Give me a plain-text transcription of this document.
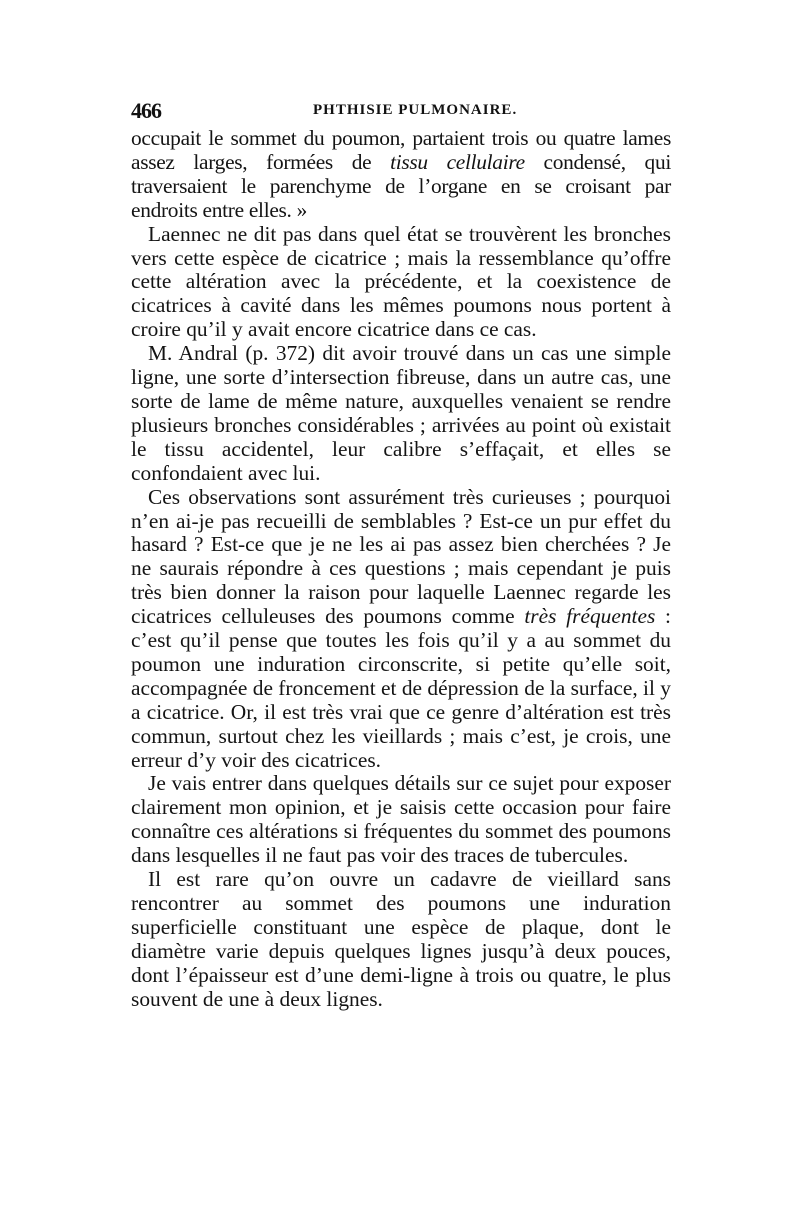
466	PHTHISIE PULMONAIRE.

occupait le sommet du poumon, partaient trois ou quatre lames assez larges, formées de tissu cellulaire condensé, qui traversaient le parenchyme de l’organe en se croisant par endroits entre elles. »

Laennec ne dit pas dans quel état se trouvèrent les bronches vers cette espèce de cicatrice ; mais la ressemblance qu’offre cette altération avec la précédente, et la coexistence de cicatrices à cavité dans les mêmes poumons nous portent à croire qu’il y avait encore cicatrice dans ce cas.

M. Andral (p. 372) dit avoir trouvé dans un cas une simple ligne, une sorte d’intersection fibreuse, dans un autre cas, une sorte de lame de même nature, auxquelles venaient se rendre plusieurs bronches considérables ; arrivées au point où existait le tissu accidentel, leur calibre s’effaçait, et elles se confondaient avec lui.

Ces observations sont assurément très curieuses ; pourquoi n’en ai-je pas recueilli de semblables ? Est-ce un pur effet du hasard ? Est-ce que je ne les ai pas assez bien cherchées ? Je ne saurais répondre à ces questions ; mais cependant je puis très bien donner la raison pour laquelle Laennec regarde les cicatrices celluleuses des poumons comme très fréquentes : c’est qu’il pense que toutes les fois qu’il y a au sommet du poumon une induration circonscrite, si petite qu’elle soit, accompagnée de froncement et de dépression de la surface, il y a cicatrice. Or, il est très vrai que ce genre d’altération est très commun, surtout chez les vieillards ; mais c’est, je crois, une erreur d’y voir des cicatrices.

Je vais entrer dans quelques détails sur ce sujet pour exposer clairement mon opinion, et je saisis cette occasion pour faire connaître ces altérations si fréquentes du sommet des poumons dans lesquelles il ne faut pas voir des traces de tubercules.

Il est rare qu’on ouvre un cadavre de vieillard sans rencontrer au sommet des poumons une induration superficielle constituant une espèce de plaque, dont le diamètre varie depuis quelques lignes jusqu’à deux pouces, dont l’épaisseur est d’une demi-ligne à trois ou quatre, le plus souvent de une à deux lignes.
